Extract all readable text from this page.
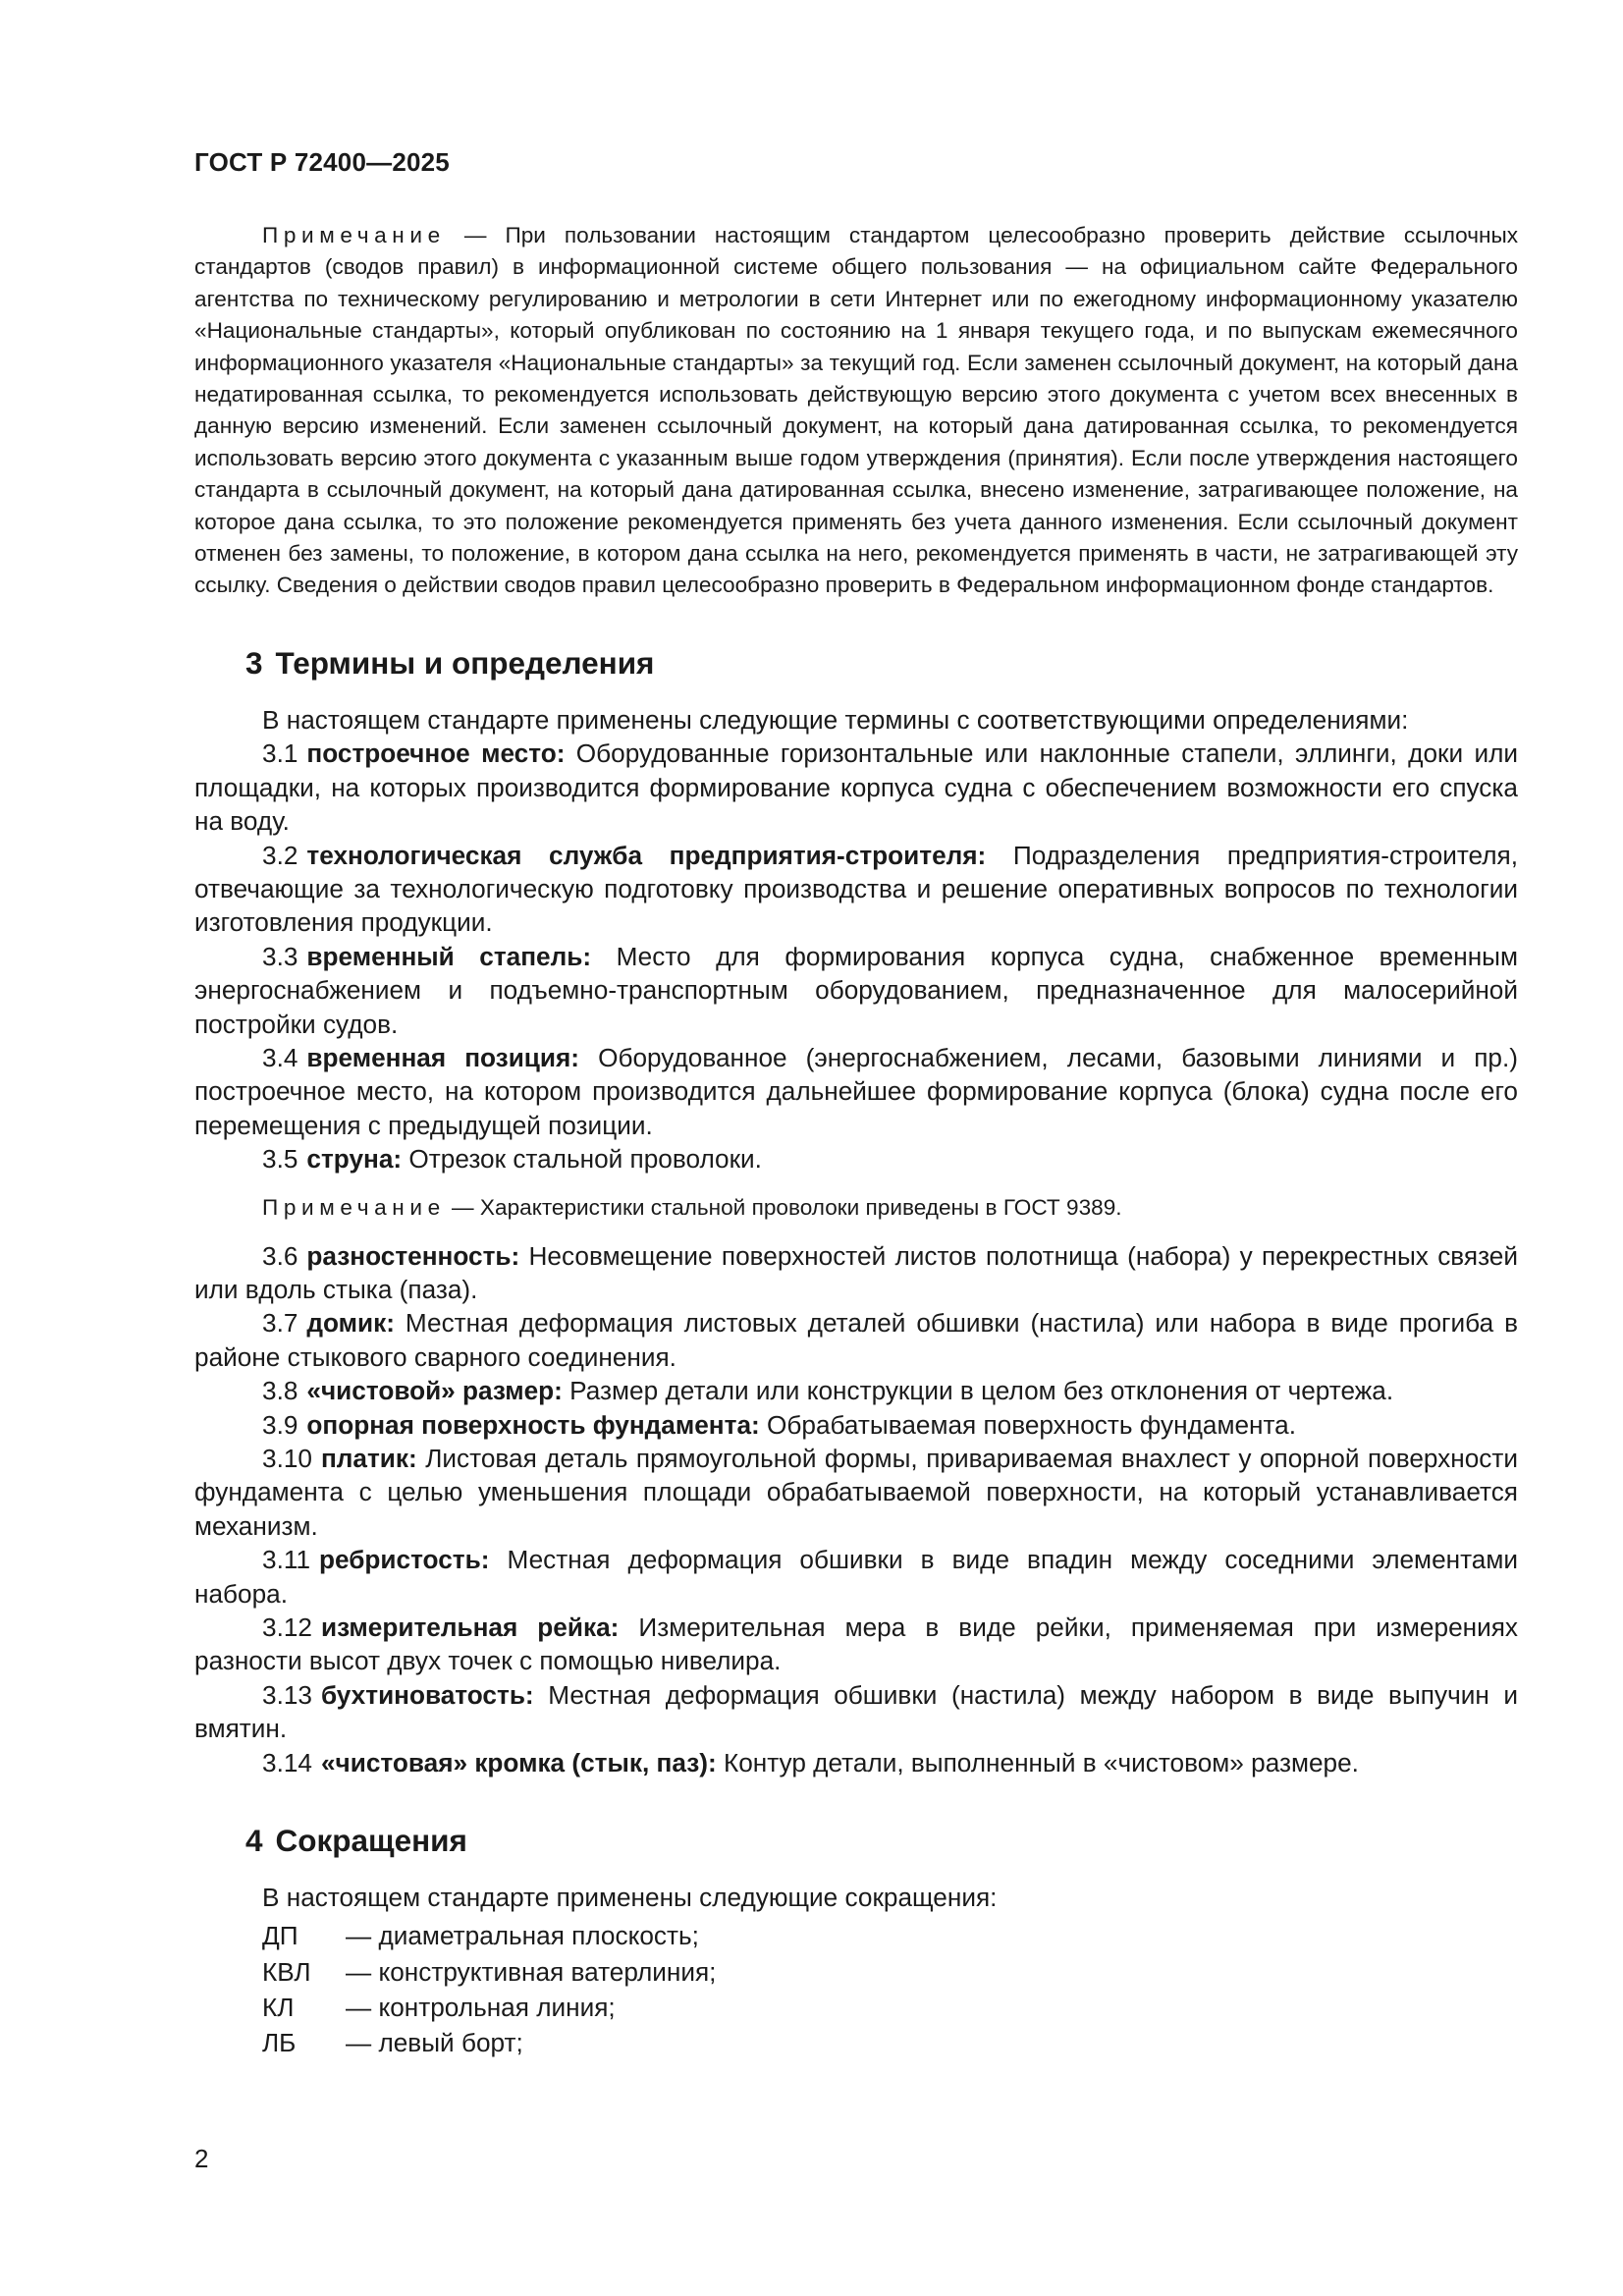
ГОСТ Р 72400—2025

Примечание — При пользовании настоящим стандартом целесообразно проверить действие ссылочных стандартов (сводов правил) в информационной системе общего пользования — на официальном сайте Федерального агентства по техническому регулированию и метрологии в сети Интернет или по ежегодному информационному указателю «Национальные стандарты», который опубликован по состоянию на 1 января текущего года, и по выпускам ежемесячного информационного указателя «Национальные стандарты» за текущий год. Если заменен ссылочный документ, на который дана недатированная ссылка, то рекомендуется использовать действующую версию этого документа с учетом всех внесенных в данную версию изменений. Если заменен ссылочный документ, на который дана датированная ссылка, то рекомендуется использовать версию этого документа с указанным выше годом утверждения (принятия). Если после утверждения настоящего стандарта в ссылочный документ, на который дана датированная ссылка, внесено изменение, затрагивающее положение, на которое дана ссылка, то это положение рекомендуется применять без учета данного изменения. Если ссылочный документ отменен без замены, то положение, в котором дана ссылка на него, рекомендуется применять в части, не затрагивающей эту ссылку. Сведения о действии сводов правил целесообразно проверить в Федеральном информационном фонде стандартов.

3 Термины и определения

В настоящем стандарте применены следующие термины с соответствующими определениями:

3.1 построечное место: Оборудованные горизонтальные или наклонные стапели, эллинги, доки или площадки, на которых производится формирование корпуса судна с обеспечением возможности его спуска на воду.

3.2 технологическая служба предприятия-строителя: Подразделения предприятия-строителя, отвечающие за технологическую подготовку производства и решение оперативных вопросов по технологии изготовления продукции.

3.3 временный стапель: Место для формирования корпуса судна, снабженное временным энергоснабжением и подъемно-транспортным оборудованием, предназначенное для малосерийной постройки судов.

3.4 временная позиция: Оборудованное (энергоснабжением, лесами, базовыми линиями и пр.) построечное место, на котором производится дальнейшее формирование корпуса (блока) судна после его перемещения с предыдущей позиции.

3.5 струна: Отрезок стальной проволоки.

Примечание — Характеристики стальной проволоки приведены в ГОСТ 9389.

3.6 разностенность: Несовмещение поверхностей листов полотнища (набора) у перекрестных связей или вдоль стыка (паза).

3.7 домик: Местная деформация листовых деталей обшивки (настила) или набора в виде прогиба в районе стыкового сварного соединения.

3.8 «чистовой» размер: Размер детали или конструкции в целом без отклонения от чертежа.

3.9 опорная поверхность фундамента: Обрабатываемая поверхность фундамента.

3.10 платик: Листовая деталь прямоугольной формы, привариваемая внахлест у опорной поверхности фундамента с целью уменьшения площади обрабатываемой поверхности, на который устанавливается механизм.

3.11 ребристость: Местная деформация обшивки в виде впадин между соседними элементами набора.

3.12 измерительная рейка: Измерительная мера в виде рейки, применяемая при измерениях разности высот двух точек с помощью нивелира.

3.13 бухтиноватость: Местная деформация обшивки (настила) между набором в виде выпучин и вмятин.

3.14 «чистовая» кромка (стык, паз): Контур детали, выполненный в «чистовом» размере.

4 Сокращения

В настоящем стандарте применены следующие сокращения:

ДП	— диаметральная плоскость;
КВЛ	— конструктивная ватерлиния;
КЛ	— контрольная линия;
ЛБ	— левый борт;
2
